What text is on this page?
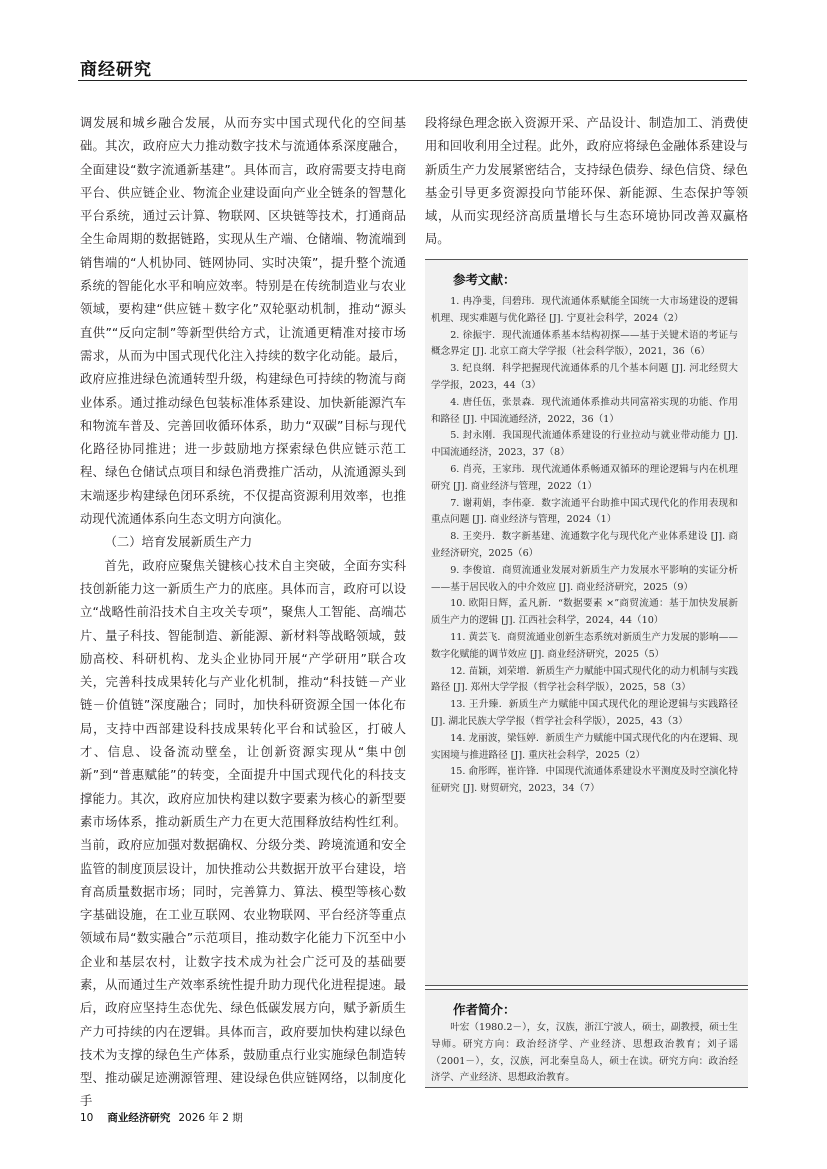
商经研究

调发展和城乡融合发展，从而夯实中国式现代化的空间基础。其次，政府应大力推动数字技术与流通体系深度融合，全面建设“数字流通新基建”。具体而言，政府需要支持电商平台、供应链企业、物流企业建设面向产业全链条的智慧化平台系统，通过云计算、物联网、区块链等技术，打通商品全生命周期的数据链路，实现从生产端、仓储端、物流端到销售端的“人机协同、链网协同、实时决策”，提升整个流通系统的智能化水平和响应效率。特别是在传统制造业与农业领域，要构建“供应链＋数字化”双轮驱动机制，推动“源头直供”“反向定制”等新型供给方式，让流通更精准对接市场需求，从而为中国式现代化注入持续的数字化动能。最后，政府应推进绿色流通转型升级，构建绿色可持续的物流与商业体系。通过推动绿色包装标准体系建设、加快新能源汽车和物流车普及、完善回收循环体系，助力“双碳”目标与现代化路径协同推进；进一步鼓励地方探索绿色供应链示范工程、绿色仓储试点项目和绿色消费推广活动，从流通源头到末端逐步构建绿色闭环系统，不仅提高资源利用效率，也推动现代流通体系向生态文明方向演化。

（二）培育发展新质生产力

首先，政府应聚焦关键核心技术自主突破，全面夯实科技创新能力这一新质生产力的底座。具体而言，政府可以设立“战略性前沿技术自主攻关专项”，聚焦人工智能、高端芯片、量子科技、智能制造、新能源、新材料等战略领域，鼓励高校、科研机构、龙头企业协同开展“产学研用”联合攻关，完善科技成果转化与产业化机制，推动“科技链－产业链－价值链”深度融合；同时，加快科研资源全国一体化布局，支持中西部建设科技成果转化平台和试验区，打破人才、信息、设备流动壁垒，让创新资源实现从“集中创新”到“普惠赋能”的转变，全面提升中国式现代化的科技支撑能力。其次，政府应加快构建以数字要素为核心的新型要素市场体系，推动新质生产力在更大范围释放结构性红利。当前，政府应加强对数据确权、分级分类、跨境流通和安全监管的制度顶层设计，加快推动公共数据开放平台建设，培育高质量数据市场；同时，完善算力、算法、模型等核心数字基础设施，在工业互联网、农业物联网、平台经济等重点领域布局“数实融合”示范项目，推动数字化能力下沉至中小企业和基层农村，让数字技术成为社会广泛可及的基础要素，从而通过生产效率系统性提升助力现代化进程提速。最后，政府应坚持生态优先、绿色低碳发展方向，赋予新质生产力可持续的内在逻辑。具体而言，政府要加快构建以绿色技术为支撑的绿色生产体系，鼓励重点行业实施绿色制造转型、推动碳足迹溯源管理、建设绿色供应链网络，以制度化手

段将绿色理念嵌入资源开采、产品设计、制造加工、消费使用和回收利用全过程。此外，政府应将绿色金融体系建设与新质生产力发展紧密结合，支持绿色债券、绿色信贷、绿色基金引导更多资源投向节能环保、新能源、生态保护等领域，从而实现经济高质量增长与生态环境协同改善双赢格局。

参考文献：
1. 冉净斐，闫碧玮．现代流通体系赋能全国统一大市场建设的逻辑机理、现实难题与优化路径 [J]. 宁夏社会科学，2024（2）
2. 徐振宇．现代流通体系基本结构初探——基于关键术语的考证与概念界定 [J]. 北京工商大学学报（社会科学版），2021，36（6）
3. 纪良纲．科学把握现代流通体系的几个基本问题 [J]. 河北经贸大学学报，2023，44（3）
4. 唐任伍，张景森．现代流通体系推动共同富裕实现的功能、作用和路径 [J]. 中国流通经济，2022，36（1）
5. 封永刚．我国现代流通体系建设的行业拉动与就业带动能力 [J]. 中国流通经济，2023，37（8）
6. 肖亮，王家玮．现代流通体系畅通双循环的理论逻辑与内在机理研究 [J]. 商业经济与管理，2022（1）
7. 谢莉娟，李伟豪．数字流通平台助推中国式现代化的作用表现和重点问题 [J]. 商业经济与管理，2024（1）
8. 王奕丹．数字新基建、流通数字化与现代化产业体系建设 [J]. 商业经济研究，2025（6）
9. 李俊谊．商贸流通业发展对新质生产力发展水平影响的实证分析——基于居民收入的中介效应 [J]. 商业经济研究，2025（9）
10. 欧阳日辉，孟凡新．“数据要素 ×”商贸流通：基于加快发展新质生产力的逻辑 [J]. 江西社会科学，2024，44（10）
11. 黄芸飞．商贸流通业创新生态系统对新质生产力发展的影响——数字化赋能的调节效应 [J]. 商业经济研究，2025（5）
12. 苗颖，刘荣增．新质生产力赋能中国式现代化的动力机制与实践路径 [J]. 郑州大学学报（哲学社会科学版），2025，58（3）
13. 王升臻．新质生产力赋能中国式现代化的理论逻辑与实践路径 [J]. 湖北民族大学学报（哲学社会科学版），2025，43（3）
14. 龙丽波，梁钰婷．新质生产力赋能中国式现代化的内在逻辑、现实困境与推进路径 [J]. 重庆社会科学，2025（2）
15. 俞彤晖，崔许锋．中国现代流通体系建设水平测度及时空演化特征研究 [J]. 财贸研究，2023，34（7）
作者简介：
叶宏（1980.2－），女，汉族，浙江宁波人，硕士，副教授，硕士生导师。研究方向：政治经济学、产业经济、思想政治教育；刘子谣（2001－），女，汉族，河北秦皇岛人，硕士在读。研究方向：政治经济学、产业经济、思想政治教育。
10 商业经济研究 2026 年 2 期
